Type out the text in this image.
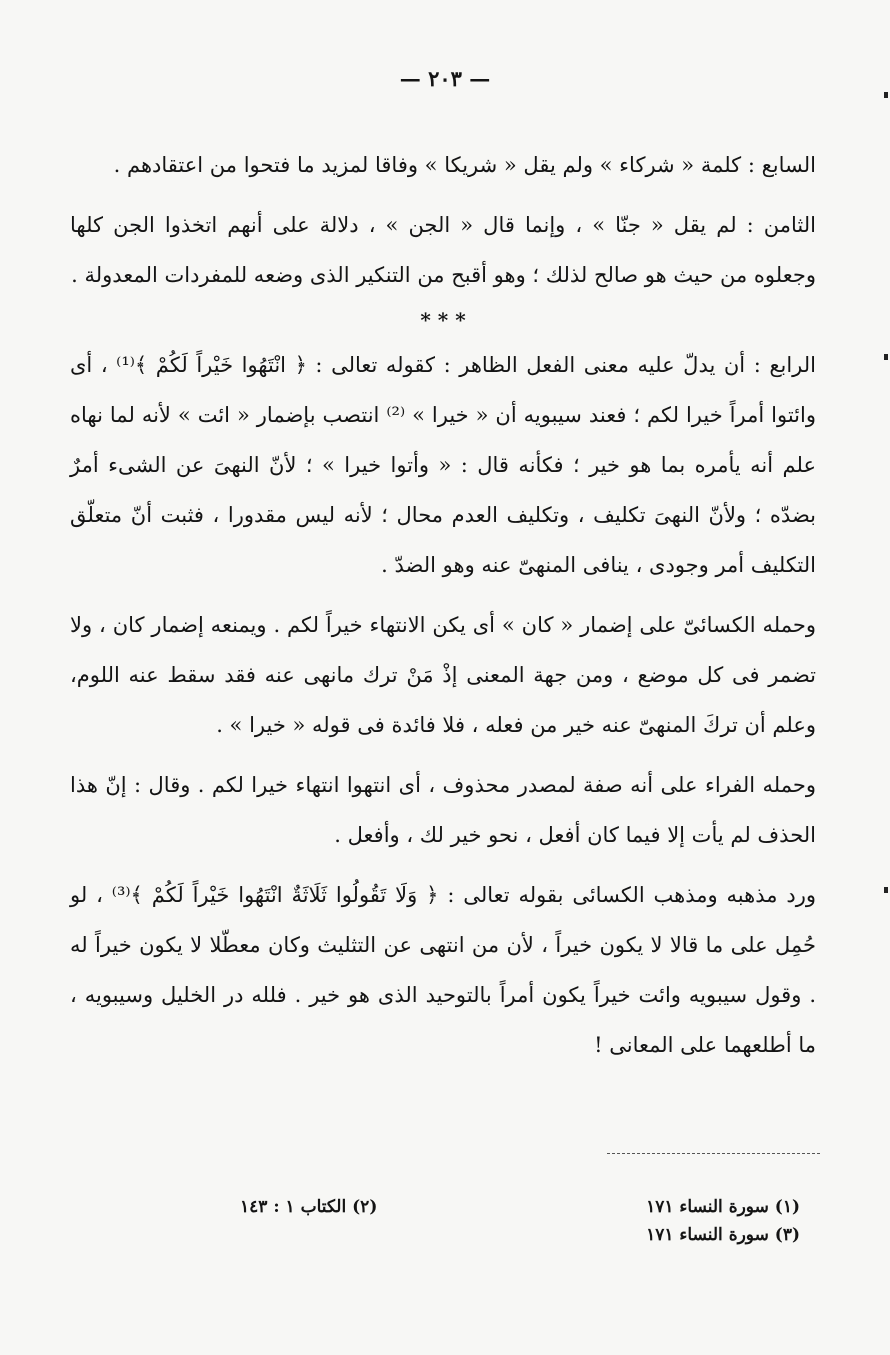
— ٢٠٣ —

السابع : كلمة « شركاء » ولم يقل « شريكا » وفاقا لمزيد ما فتحوا من اعتقادهم .

الثامن : لم يقل « جنّا » ، وإنما قال « الجن » ، دلالة على أنهم اتخذوا الجن كلها وجعلوه من حيث هو صالح لذلك ؛ وهو أقبح من التنكير الذى وضعه للمفردات المعدولة .

* * *

الرابع : أن يدلّ عليه معنى الفعل الظاهر : كقوله تعالى : ﴿ انْتَهُوا خَيْراً لَكُمْ ﴾⁽¹⁾ ، أى وائتوا أمراً خيرا لكم ؛ فعند سيبويه أن « خيرا » ⁽²⁾ انتصب بإضمار « ائت » لأنه لما نهاه علم أنه يأمره بما هو خير ؛ فكأنه قال : « وأتوا خيرا » ؛ لأنّ النهىَ عن الشىء أمرٌ بضدّه ؛ ولأنّ النهىَ تكليف ، وتكليف العدم محال ؛ لأنه ليس مقدورا ، فثبت أنّ متعلّق التكليف أمر وجودى ، ينافى المنهىّ عنه وهو الضدّ .

وحمله الكسائىّ على إضمار « كان » أى يكن الانتهاء خيراً لكم . ويمنعه إضمار كان ، ولا تضمر فى كل موضع ، ومن جهة المعنى إذْ مَنْ ترك مانهى عنه فقد سقط عنه اللوم، وعلم أن تركَ المنهىّ عنه خير من فعله ، فلا فائدة فى قوله « خيرا » .

وحمله الفراء على أنه صفة لمصدر محذوف ، أى انتهوا انتهاء خيرا لكم . وقال : إنّ هذا الحذف لم يأت إلا فيما كان أفعل ، نحو خير لك ، وأفعل .

ورد مذهبه ومذهب الكسائى بقوله تعالى : ﴿ وَلَا تَقُولُوا ثَلَاثَةٌ انْتَهُوا خَيْراً لَكُمْ ﴾⁽³⁾ ، لو حُمِل على ما قالا لا يكون خيراً ، لأن من انتهى عن التثليث وكان معطّلا لا يكون خيراً له . وقول سيبويه وائت خيراً يكون أمراً بالتوحيد الذى هو خير . فلله در الخليل وسيبويه ، ما أطلعهما على المعانى !

(١) سورة النساء ١٧١
(٢) الكتاب ١ : ١٤٣
(٣) سورة النساء ١٧١
